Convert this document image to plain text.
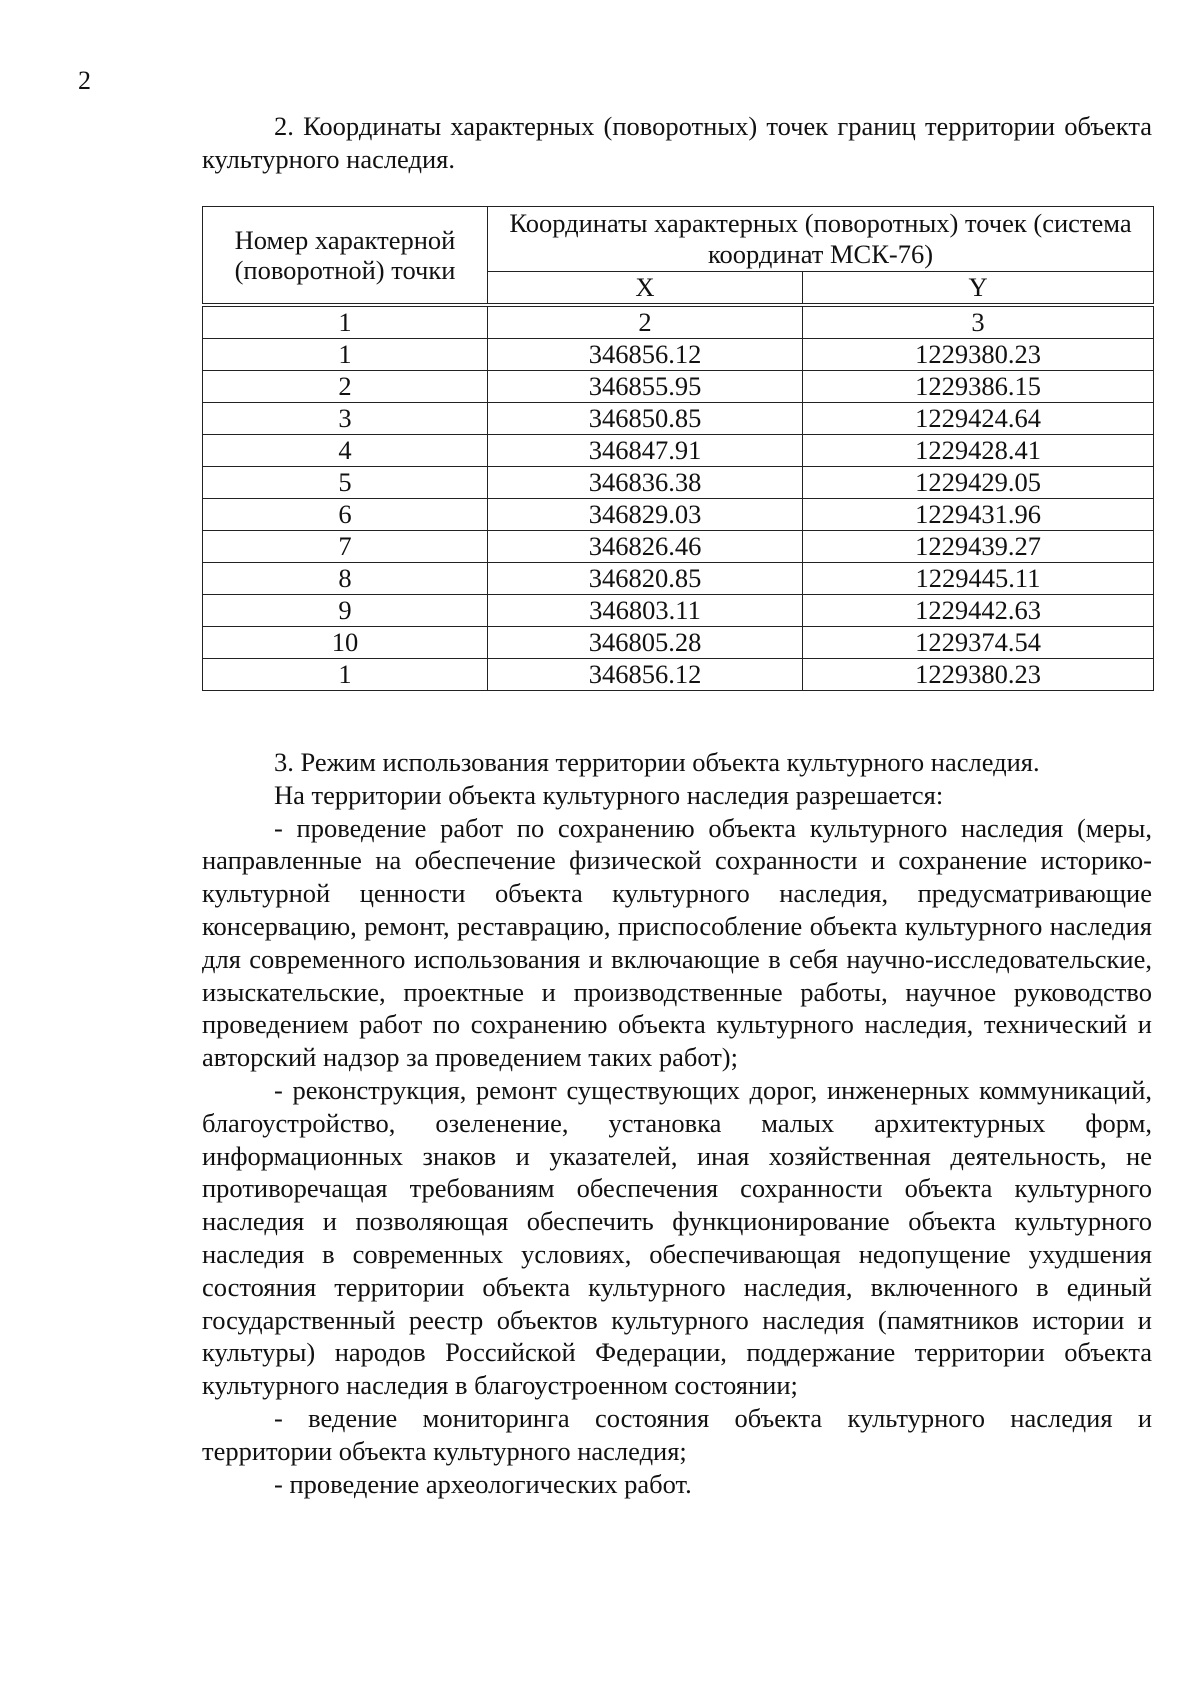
2

2. Координаты характерных (поворотных) точек границ территории объекта культурного наследия.

Номер характерной (поворотной) точки	Координаты характерных (поворотных) точек (система координат МСК-76)	
	X	Y
1	2	3
1	346856.12	1229380.23
2	346855.95	1229386.15
3	346850.85	1229424.64
4	346847.91	1229428.41
5	346836.38	1229429.05
6	346829.03	1229431.96
7	346826.46	1229439.27
8	346820.85	1229445.11
9	346803.11	1229442.63
10	346805.28	1229374.54
1	346856.12	1229380.23

3. Режим использования территории объекта культурного наследия.

На территории объекта культурного наследия разрешается:

- проведение работ по сохранению объекта культурного наследия (меры, направленные на обеспечение физической сохранности и сохранение историко-культурной ценности объекта культурного наследия, предусматривающие консервацию, ремонт, реставрацию, приспособление объекта культурного наследия для современного использования и включающие в себя научно-исследовательские, изыскательские, проектные и производственные работы, научное руководство проведением работ по сохранению объекта культурного наследия, технический и авторский надзор за проведением таких работ);

- реконструкция, ремонт существующих дорог, инженерных коммуникаций, благоустройство, озеленение, установка малых архитектурных форм, информационных знаков и указателей, иная хозяйственная деятельность, не противоречащая требованиям обеспечения сохранности объекта культурного наследия и позволяющая обеспечить функционирование объекта культурного наследия в современных условиях, обеспечивающая недопущение ухудшения состояния территории объекта культурного наследия, включенного в единый государственный реестр объектов культурного наследия (памятников истории и культуры) народов Российской Федерации, поддержание территории объекта культурного наследия в благоустроенном состоянии;

- ведение мониторинга состояния объекта культурного наследия и территории объекта культурного наследия;

- проведение археологических работ.
